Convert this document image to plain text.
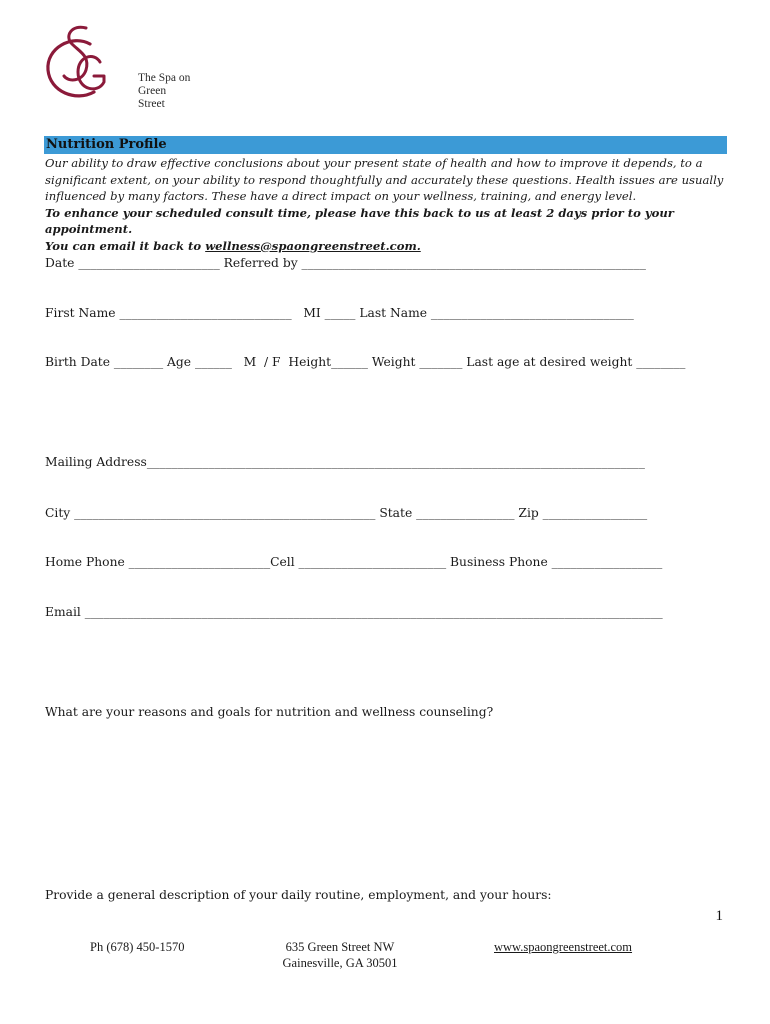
The Spa on
Green Street
Nutrition Profile
Our ability to draw effective conclusions about your present state of health and how to improve it depends, to a
significant extent, on your ability to respond thoughtfully and accurately these questions. Health issues are usually
influenced by many factors. These have a direct impact on your wellness, training, and energy level.
To enhance your scheduled consult time, please have this back to us at least 2 days prior to your appointment.
You can email it back to wellness@spaongreenstreet.com.
Date _______________________ Referred by ________________________________________________________
First Name ____________________________   MI _____ Last Name _________________________________
Birth Date ________ Age ______   M  / F  Height______ Weight _______ Last age at desired weight ________
Mailing Address_________________________________________________________________________________
City _________________________________________________ State ________________ Zip _________________
Home Phone _______________________Cell ________________________ Business Phone __________________
Email ______________________________________________________________________________________________
What are your reasons and goals for nutrition and wellness counseling?
Provide a general description of your daily routine, employment, and your hours:
1
Ph (678) 450-1570	635 Green Street NW
Gainesville, GA 30501
www.spaongreenstreet.com
